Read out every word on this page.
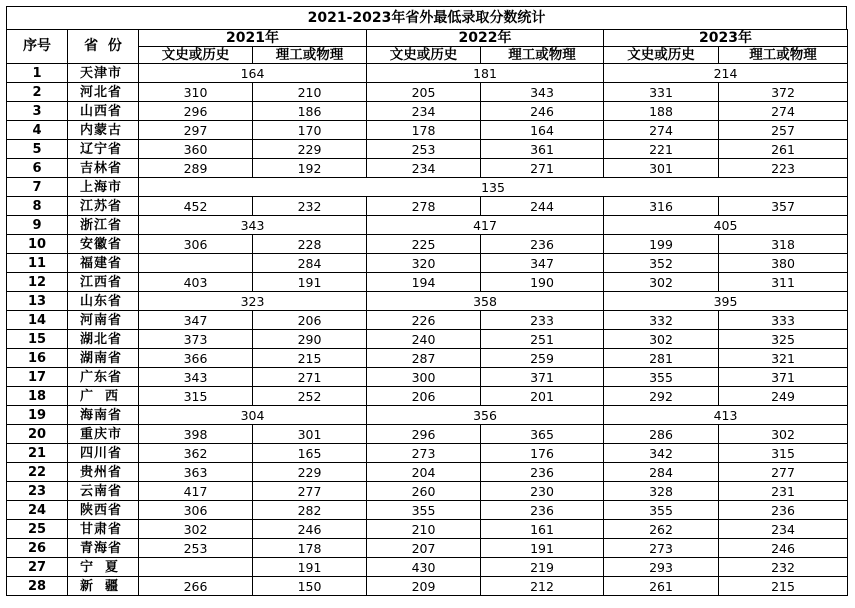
2021-2023年省外最低录取分数统计
序号	省  份	2021年		2022年		2023年	
		文史或历史	理工或物理	文史或历史	理工或物理	文史或历史	理工或物理
1	天津市	164		181		214	
2	河北省	310	210	205	343	331	372
3	山西省	296	186	234	246	188	274
4	内蒙古	297	170	178	164	274	257
5	辽宁省	360	229	253	361	221	261
6	吉林省	289	192	234	271	301	223
7	上海市	135					
8	江苏省	452	232	278	244	316	357
9	浙江省	343		417		405	
10	安徽省	306	228	225	236	199	318
11	福建省		284	320	347	352	380
12	江西省	403	191	194	190	302	311
13	山东省	323		358		395	
14	河南省	347	206	226	233	332	333
15	湖北省	373	290	240	251	302	325
16	湖南省	366	215	287	259	281	321
17	广东省	343	271	300	371	355	371
18	广  西	315	252	206	201	292	249
19	海南省	304		356		413	
20	重庆市	398	301	296	365	286	302
21	四川省	362	165	273	176	342	315
22	贵州省	363	229	204	236	284	277
23	云南省	417	277	260	230	328	231
24	陕西省	306	282	355	236	355	236
25	甘肃省	302	246	210	161	262	234
26	青海省	253	178	207	191	273	246
27	宁  夏		191	430	219	293	232
28	新  疆	266	150	209	212	261	215
